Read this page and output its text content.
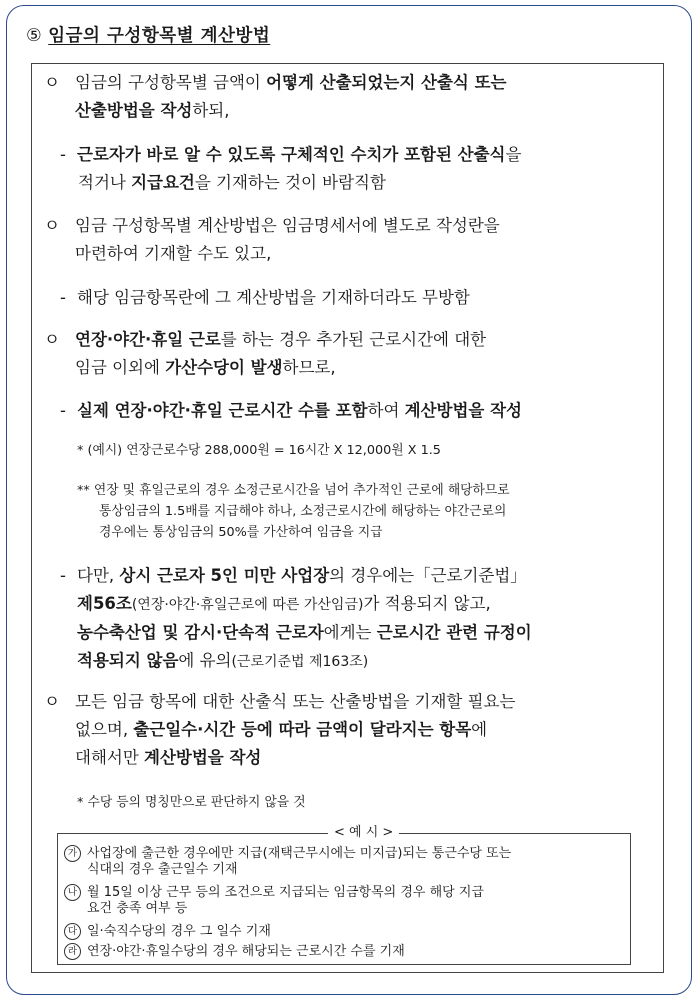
⑤ 임금의 구성항목별 계산방법
ㅇ 임금의 구성항목별 금액이 어떻게 산출되었는지 산출식 또는
산출방법을 작성하되,
- 근로자가 바로 알 수 있도록 구체적인 수치가 포함된 산출식을
적거나 지급요건을 기재하는 것이 바람직함
ㅇ 임금 구성항목별 계산방법은 임금명세서에 별도로 작성란을
마련하여 기재할 수도 있고,
- 해당 임금항목란에 그 계산방법을 기재하더라도 무방함
ㅇ 연장·야간·휴일 근로를 하는 경우 추가된 근로시간에 대한
임금 이외에 가산수당이 발생하므로,
- 실제 연장·야간·휴일 근로시간 수를 포함하여 계산방법을 작성
* (예시) 연장근로수당 288,000원 = 16시간 X 12,000원 X 1.5
** 연장 및 휴일근로의 경우 소정근로시간을 넘어 추가적인 근로에 해당하므로
통상임금의 1.5배를 지급해야 하나, 소정근로시간에 해당하는 야간근로의
경우에는 통상임금의 50%를 가산하여 임금을 지급
- 다만, 상시 근로자 5인 미만 사업장의 경우에는「근로기준법」
제56조(연장·야간·휴일근로에 따른 가산임금)가 적용되지 않고,
농수축산업 및 감시·단속적 근로자에게는 근로시간 관련 규정이
적용되지 않음에 유의(근로기준법 제163조)
ㅇ 모든 임금 항목에 대한 산출식 또는 산출방법을 기재할 필요는
없으며, 출근일수·시간 등에 따라 금액이 달라지는 항목에
대해서만 계산방법을 작성
* 수당 등의 명칭만으로 판단하지 않을 것
< 예 시 >
가 사업장에 출근한 경우에만 지급(재택근무시에는 미지급)되는 통근수당 또는
식대의 경우 출근일수 기재
나 월 15일 이상 근무 등의 조건으로 지급되는 임금항목의 경우 해당 지급
요건 충족 여부 등
다 일·숙직수당의 경우 그 일수 기재
라 연장·야간·휴일수당의 경우 해당되는 근로시간 수를 기재
